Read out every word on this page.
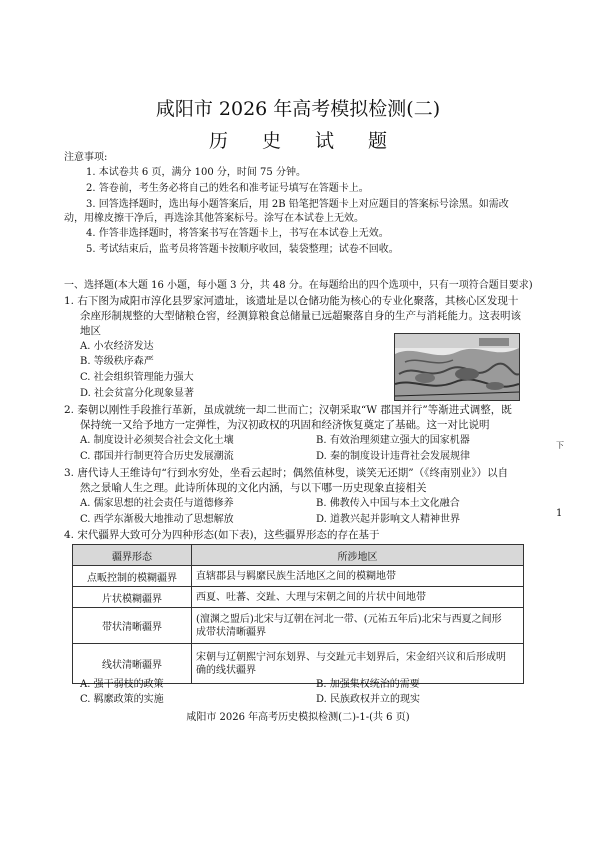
咸阳市 2026 年高考模拟检测(二)
历 史 试 题
注意事项:
1. 本试卷共 6 页，满分 100 分，时间 75 分钟。
2. 答卷前，考生务必将自己的姓名和准考证号填写在答题卡上。
3. 回答选择题时，选出每小题答案后，用 2B 铅笔把答题卡上对应题目的答案标号涂黑。如需改
动，用橡皮擦干净后，再选涂其他答案标号。涂写在本试卷上无效。
4. 作答非选择题时，将答案书写在答题卡上，书写在本试卷上无效。
5. 考试结束后，监考员将答题卡按顺序收回，装袋整理；试卷不回收。
一、选择题(本大题 16 小题，每小题 3 分，共 48 分。在每题给出的四个选项中，只有一项符合题目要求)
1. 右下图为咸阳市淳化县罗家河遗址，该遗址是以仓储功能为核心的专业化聚落，其核心区发现十
余座形制规整的大型储粮仓窖，经测算粮食总储量已远超聚落自身的生产与消耗能力。这表明该
地区
A. 小农经济发达
B. 等级秩序森严
C. 社会组织管理能力强大
D. 社会贫富分化现象显著
2. 秦朝以刚性手段推行革新，虽成就统一却二世而亡；汉朝采取“W 郡国并行”等渐进式调整，既
保持统一又给予地方一定弹性，为汉初政权的巩固和经济恢复奠定了基础。这一对比说明
A. 制度设计必须契合社会文化土壤	B. 有效治理须建立强大的国家机器
C. 郡国并行制更符合历史发展潮流	D. 秦的制度设计违背社会发展规律
3. 唐代诗人王维诗句“行到水穷处，坐看云起时；偶然值林叟，谈笑无还期”（《终南别业》）以自
然之景喻人生之理。此诗所体现的文化内涵，与以下哪一历史现象直接相关
A. 儒家思想的社会责任与道德修养	B. 佛教传入中国与本土文化融合
C. 西学东渐极大地推动了思想解放	D. 道教兴起并影响文人精神世界
4. 宋代疆界大致可分为四种形态(如下表)，这些疆界形态的存在基于
疆界形态	所涉地区
点畈控制的模糊疆界	直辖郡县与羁縻民族生活地区之间的模糊地带
片状模糊疆界	西夏、吐蕃、交趾、大理与宋朝之间的片状中间地带
带状清晰疆界	(澶渊之盟后)北宋与辽朝在河北一带、(元祐五年后)北宋与西夏之间形
成带状清晰疆界

线状清晰疆界	宋朝与辽朝熙宁河东划界、与交趾元丰划界后，宋金绍兴议和后形成明
确的线状疆界
A. 强干弱枝的政策	B. 加强集权统治的需要
C. 羁縻政策的实施	D. 民族政权并立的现实
咸阳市 2026 年高考历史模拟检测(二)-1-(共 6 页)
下
1
